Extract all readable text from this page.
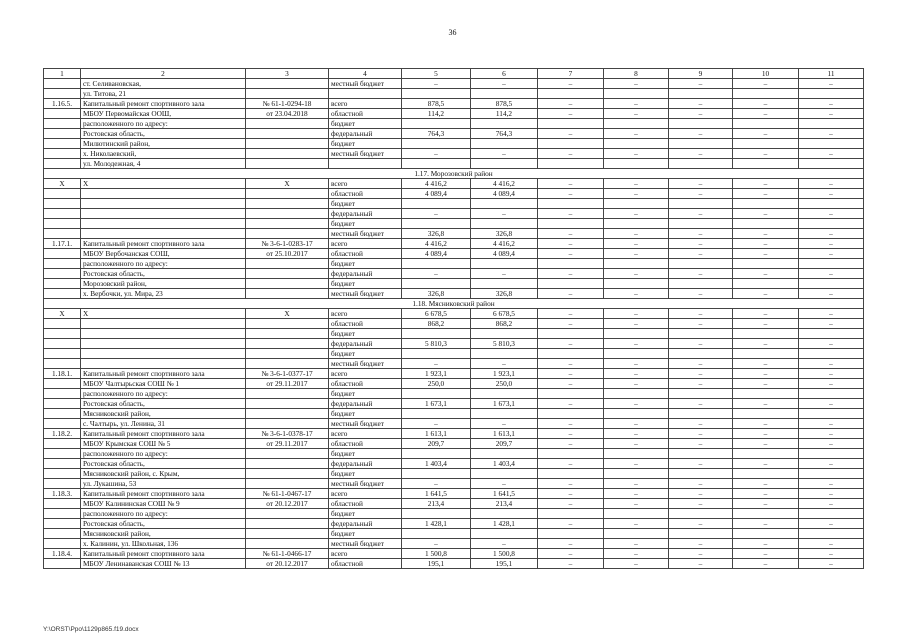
36
1	2	3	4	5	6	7	8	9	10	11
	ст. Селивановская,		местный бюджет	–	–	–	–	–	–	–
	ул. Титова, 21									
1.16.5.	Капитальный ремонт спортивного зала	№ 61-1-0294-18	всего	878,5	878,5	–	–	–	–	–
	МБОУ Первомайская ООШ,	от 23.04.2018	областной	114,2	114,2	–	–	–	–	–
	расположенного по адресу:		бюджет							
	Ростовская область,		федеральный	764,3	764,3	–	–	–	–	–
	Милютинский район,		бюджет							
	х. Николаевский,		местный бюджет	–	–	–	–	–	–	–
	ул. Молодежная, 4									
1.17. Морозовский район										
Х	Х	Х	всего	4 416,2	4 416,2	–	–	–	–	–
			областной	4 089,4	4 089,4	–	–	–	–	–
			бюджет							
			федеральный	–	–	–	–	–	–	–
			бюджет							
			местный бюджет	326,8	326,8	–	–	–	–	–
1.17.1.	Капитальный ремонт спортивного зала	№ 3-6-1-0283-17	всего	4 416,2	4 416,2	–	–	–	–	–
	МБОУ Вербочанская СОШ,	от 25.10.2017	областной	4 089,4	4 089,4	–	–	–	–	–
	расположенного по адресу:		бюджет							
	Ростовская область,		федеральный	–	–	–	–	–	–	–
	Морозовский район,		бюджет							
	х. Вербочки, ул. Мира, 23		местный бюджет	326,8	326,8	–	–	–	–	–
1.18. Мясниковский район										
Х	Х	Х	всего	6 678,5	6 678,5	–	–	–	–	–
			областной	868,2	868,2	–	–	–	–	–
			бюджет							
			федеральный	5 810,3	5 810,3	–	–	–	–	–
			бюджет							
			местный бюджет	–	–	–	–	–	–	–
1.18.1.	Капитальный ремонт спортивного зала	№ 3-6-1-0377-17	всего	1 923,1	1 923,1	–	–	–	–	–
	МБОУ Чалтырьская СОШ № 1	от 29.11.2017	областной	250,0	250,0	–	–	–	–	–
	расположенного по адресу:		бюджет							
	Ростовская область,		федеральный	1 673,1	1 673,1	–	–	–	–	–
	Мясниковский район,		бюджет							
	с. Чалтырь, ул. Ленина, 31		местный бюджет	–	–	–	–	–	–	–
1.18.2.	Капитальный ремонт спортивного зала	№ 3-6-1-0378-17	всего	1 613,1	1 613,1	–	–	–	–	–
	МБОУ Крымская СОШ № 5	от 29.11.2017	областной	209,7	209,7	–	–	–	–	–
	расположенного по адресу:		бюджет							
	Ростовская область,		федеральный	1 403,4	1 403,4	–	–	–	–	–
	Мясниковский район, с. Крым,		бюджет							
	ул. Лукашина, 53		местный бюджет	–	–	–	–	–	–	–
1.18.3.	Капитальный ремонт спортивного зала	№ 61-1-0467-17	всего	1 641,5	1 641,5	–	–	–	–	–
	МБОУ Калининская СОШ № 9	от 20.12.2017	областной	213,4	213,4	–	–	–	–	–
	расположенного по адресу:		бюджет							
	Ростовская область,		федеральный	1 428,1	1 428,1	–	–	–	–	–
	Мясниковский район,		бюджет							
	х. Калинин, ул. Школьная, 136		местный бюджет	–	–	–	–	–	–	–
1.18.4.	Капитальный ремонт спортивного зала	№ 61-1-0466-17	всего	1 500,8	1 500,8	–	–	–	–	–
	МБОУ Ленинаванская СОШ № 13	от 20.12.2017	областной	195,1	195,1	–	–	–	–	–
Y:\ORST\Ppo\1129p865.f19.docx
